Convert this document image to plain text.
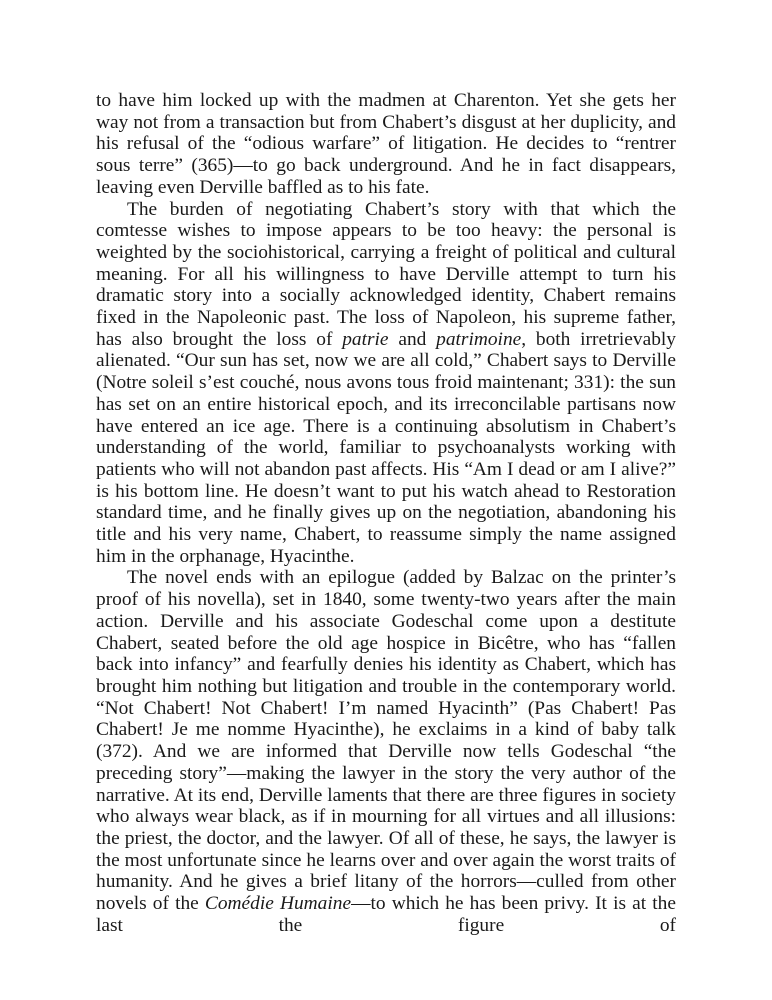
to have him locked up with the madmen at Charenton. Yet she gets her way not from a transaction but from Chabert’s disgust at her duplicity, and his refusal of the “odious warfare” of litigation. He decides to “rentrer sous terre” (365)—to go back underground. And he in fact disappears, leaving even Derville baffled as to his fate.

The burden of negotiating Chabert’s story with that which the comtesse wishes to impose appears to be too heavy: the personal is weighted by the sociohistorical, carrying a freight of political and cultural meaning. For all his willingness to have Derville attempt to turn his dramatic story into a socially acknowledged identity, Chabert remains fixed in the Napoleonic past. The loss of Napoleon, his supreme father, has also brought the loss of patrie and patrimoine, both irretrievably alienated. “Our sun has set, now we are all cold,” Chabert says to Derville (Notre soleil s’est couché, nous avons tous froid maintenant; 331): the sun has set on an entire historical epoch, and its irreconcilable partisans now have entered an ice age. There is a continuing absolutism in Chabert’s understanding of the world, familiar to psychoanalysts working with patients who will not abandon past affects. His “Am I dead or am I alive?” is his bottom line. He doesn’t want to put his watch ahead to Restoration standard time, and he finally gives up on the negotiation, abandoning his title and his very name, Chabert, to reassume simply the name assigned him in the orphanage, Hyacinthe.

The novel ends with an epilogue (added by Balzac on the printer’s proof of his novella), set in 1840, some twenty-two years after the main action. Derville and his associate Godeschal come upon a destitute Chabert, seated before the old age hospice in Bicêtre, who has “fallen back into infancy” and fearfully denies his identity as Chabert, which has brought him nothing but litigation and trouble in the contemporary world. “Not Chabert! Not Chabert! I’m named Hyacinth” (Pas Chabert! Pas Chabert! Je me nomme Hyacinthe), he exclaims in a kind of baby talk (372). And we are informed that Derville now tells Godeschal “the preceding story”—making the lawyer in the story the very author of the narrative. At its end, Derville laments that there are three figures in society who always wear black, as if in mourning for all virtues and all illusions: the priest, the doctor, and the lawyer. Of all of these, he says, the lawyer is the most unfortunate since he learns over and over again the worst traits of humanity. And he gives a brief litany of the horrors—culled from other novels of the Comédie Humaine—to which he has been privy. It is at the last the figure of
